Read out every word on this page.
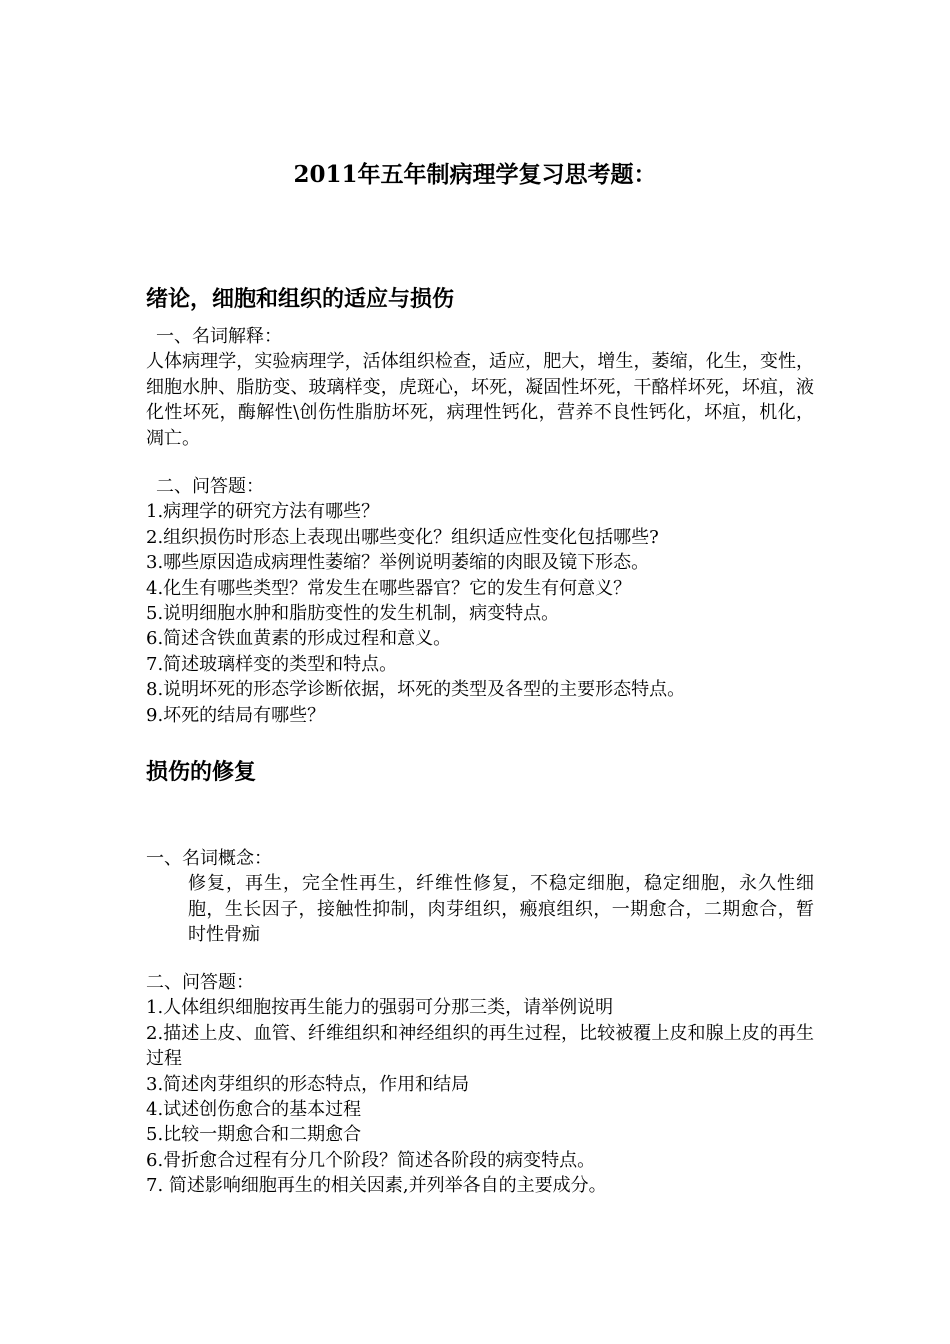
2011年五年制病理学复习思考题：
绪论，细胞和组织的适应与损伤

一、名词解释：

人体病理学，实验病理学，活体组织检查，适应，肥大，增生，萎缩，化生，变性，细胞水肿、脂肪变、玻璃样变，虎斑心，坏死，凝固性坏死，干酪样坏死，坏疽，液化性坏死，酶解性\创伤性脂肪坏死，病理性钙化，营养不良性钙化，坏疽，机化，凋亡。

二、问答题：

1.病理学的研究方法有哪些？
2.组织损伤时形态上表现出哪些变化？组织适应性变化包括哪些?
3.哪些原因造成病理性萎缩？举例说明萎缩的肉眼及镜下形态。
4.化生有哪些类型？常发生在哪些器官？它的发生有何意义？
5.说明细胞水肿和脂肪变性的发生机制，病变特点。
6.简述含铁血黄素的形成过程和意义。
7.简述玻璃样变的类型和特点。
8.说明坏死的形态学诊断依据，坏死的类型及各型的主要形态特点。
9.坏死的结局有哪些？
损伤的修复

一、名词概念：

修复，再生，完全性再生，纤维性修复，不稳定细胞，稳定细胞，永久性细胞，生长因子，接触性抑制，肉芽组织，瘢痕组织，一期愈合，二期愈合，暂时性骨痂

二、问答题：

1.人体组织细胞按再生能力的强弱可分那三类，请举例说明
2.描述上皮、血管、纤维组织和神经组织的再生过程，比较被覆上皮和腺上皮的再生过程
3.简述肉芽组织的形态特点，作用和结局
4.试述创伤愈合的基本过程
5.比较一期愈合和二期愈合
6.骨折愈合过程有分几个阶段？简述各阶段的病变特点。
7. 简述影响细胞再生的相关因素,并列举各自的主要成分。
